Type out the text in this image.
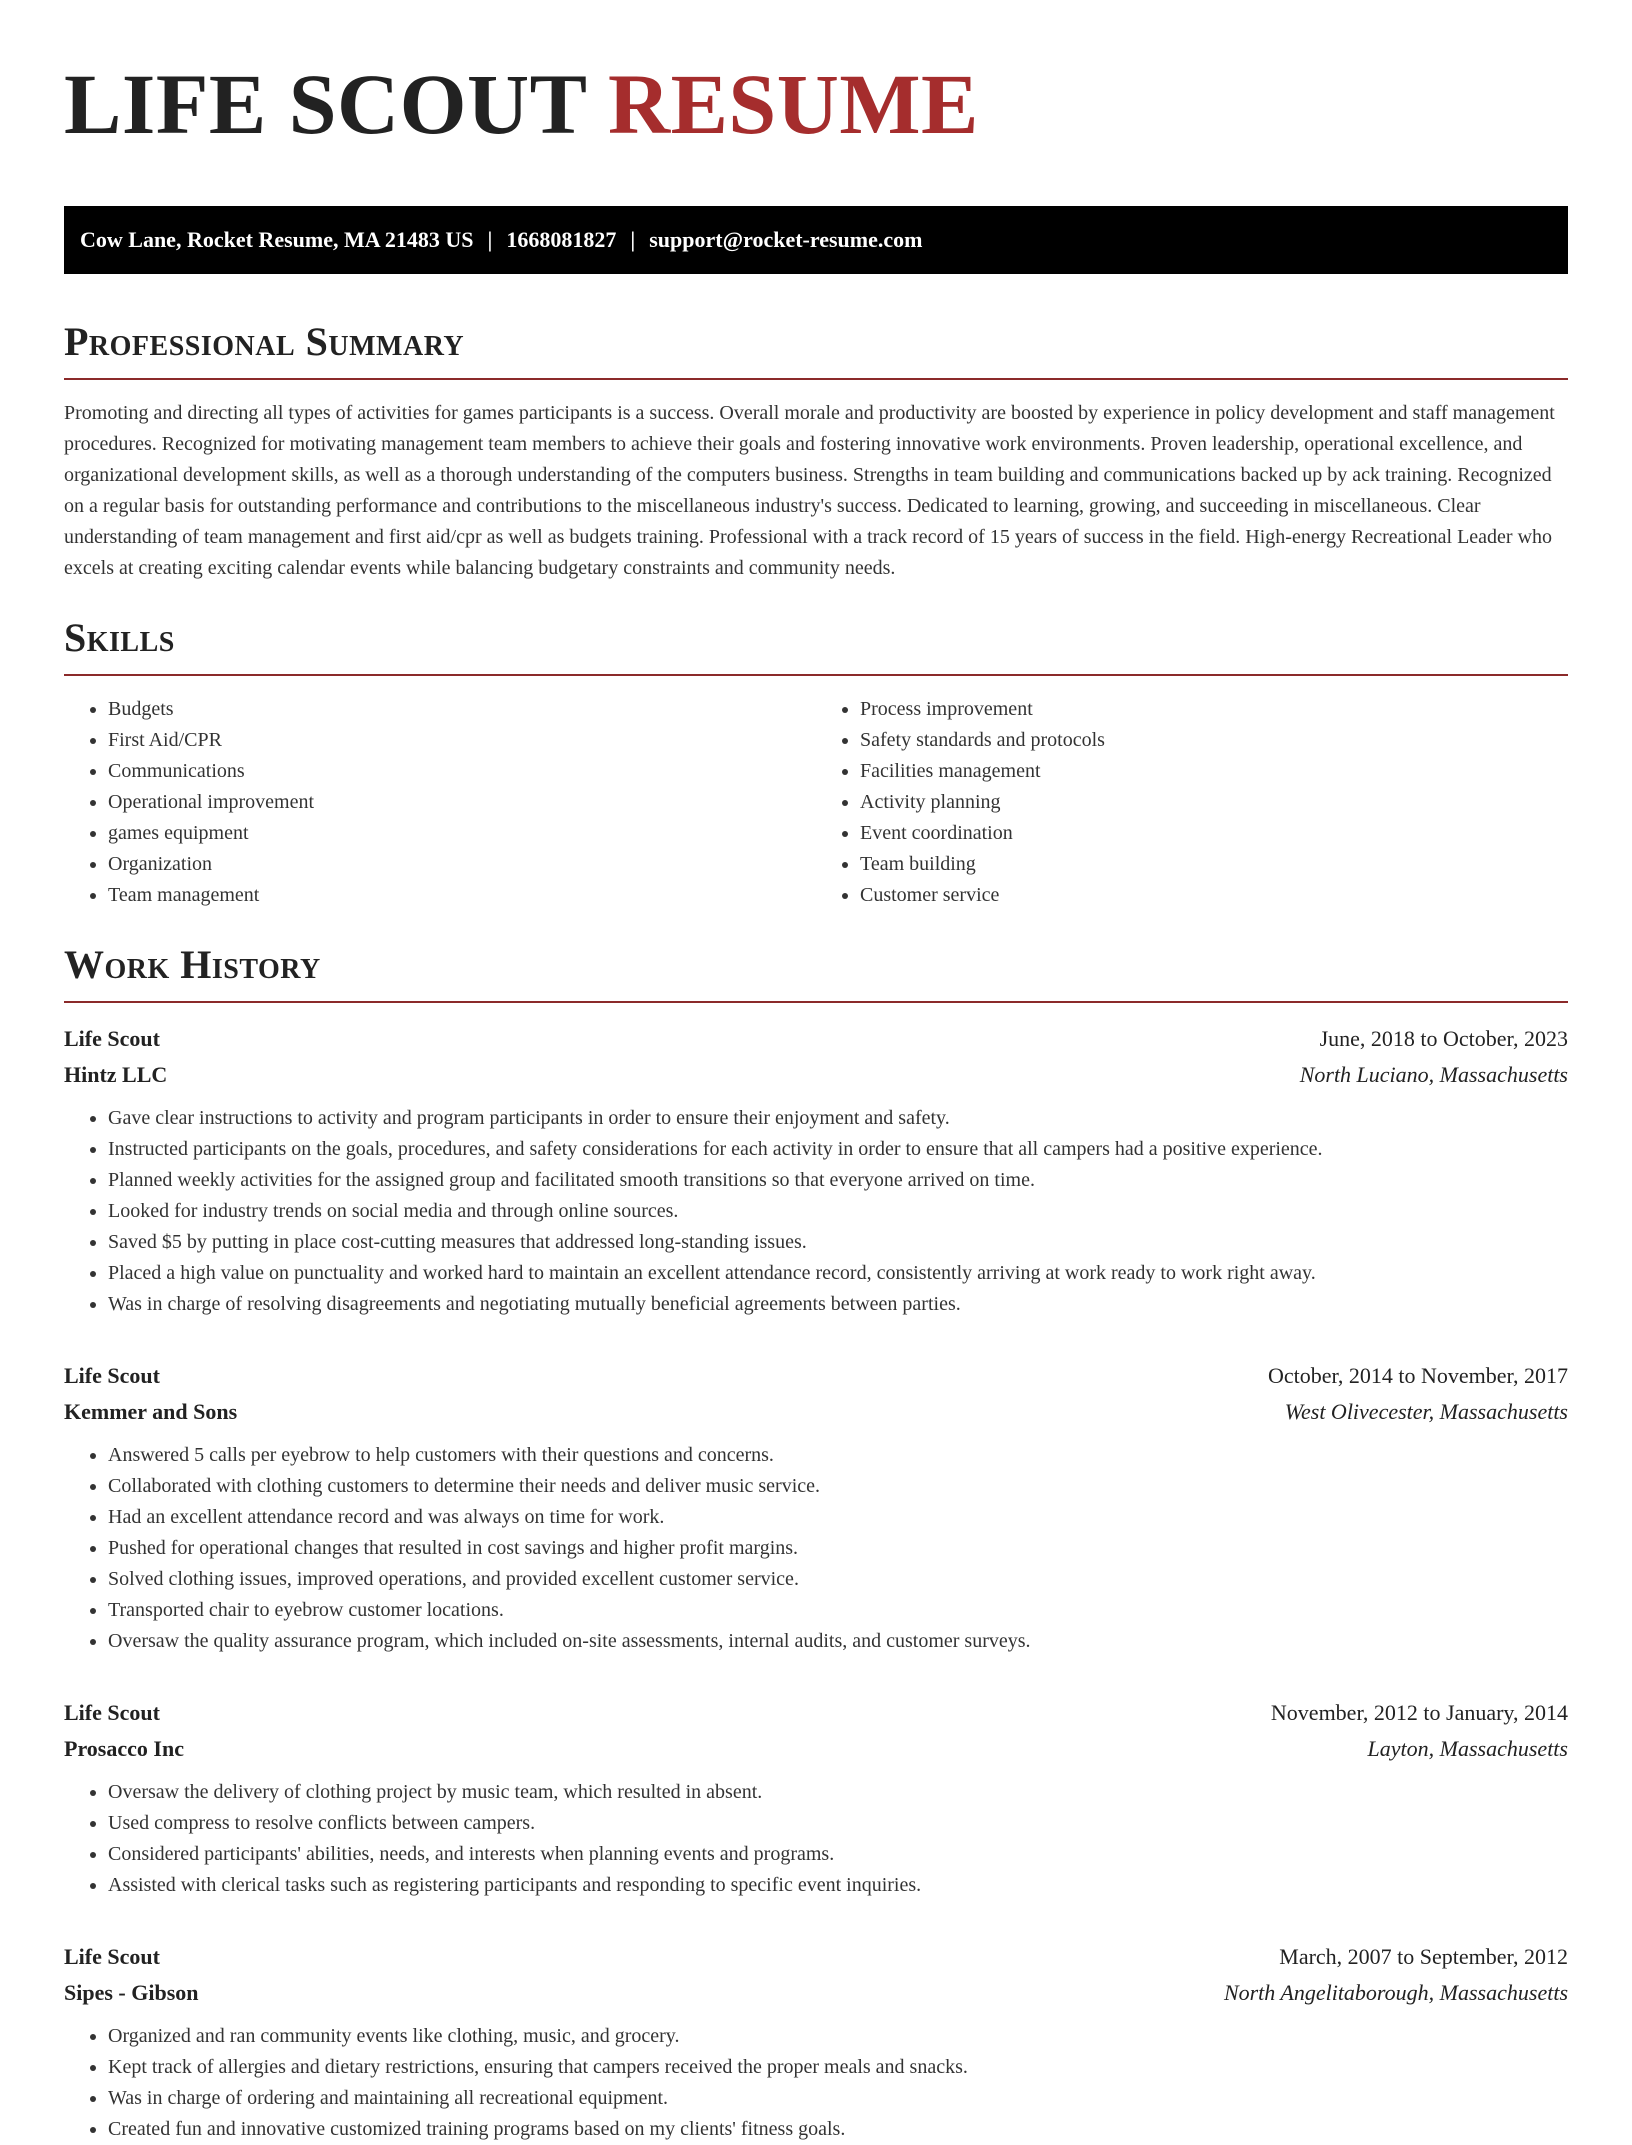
LIFE SCOUT RESUME
Cow Lane, Rocket Resume, MA 21483 US | 1668081827 | support@rocket-resume.com
Professional Summary

Promoting and directing all types of activities for games participants is a success. Overall morale and productivity are boosted by experience in policy development and staff management procedures. Recognized for motivating management team members to achieve their goals and fostering innovative work environments. Proven leadership, operational excellence, and organizational development skills, as well as a thorough understanding of the computers business. Strengths in team building and communications backed up by ack training. Recognized on a regular basis for outstanding performance and contributions to the miscellaneous industry's success. Dedicated to learning, growing, and succeeding in miscellaneous. Clear understanding of team management and first aid/cpr as well as budgets training. Professional with a track record of 15 years of success in the field. High-energy Recreational Leader who excels at creating exciting calendar events while balancing budgetary constraints and community needs.

Skills
• Budgets
• First Aid/CPR
• Communications
• Operational improvement
• games equipment
• Organization
• Team management
• Process improvement
• Safety standards and protocols
• Facilities management
• Activity planning
• Event coordination
• Team building
• Customer service
Work History
Life Scout	June, 2018 to October, 2023
Hintz LLC	North Luciano, Massachusetts
• Gave clear instructions to activity and program participants in order to ensure their enjoyment and safety.
• Instructed participants on the goals, procedures, and safety considerations for each activity in order to ensure that all campers had a positive experience.
• Planned weekly activities for the assigned group and facilitated smooth transitions so that everyone arrived on time.
• Looked for industry trends on social media and through online sources.
• Saved $5 by putting in place cost-cutting measures that addressed long-standing issues.
• Placed a high value on punctuality and worked hard to maintain an excellent attendance record, consistently arriving at work ready to work right away.
• Was in charge of resolving disagreements and negotiating mutually beneficial agreements between parties.
Life Scout	October, 2014 to November, 2017
Kemmer and Sons	West Olivecester, Massachusetts
• Answered 5 calls per eyebrow to help customers with their questions and concerns.
• Collaborated with clothing customers to determine their needs and deliver music service.
• Had an excellent attendance record and was always on time for work.
• Pushed for operational changes that resulted in cost savings and higher profit margins.
• Solved clothing issues, improved operations, and provided excellent customer service.
• Transported chair to eyebrow customer locations.
• Oversaw the quality assurance program, which included on-site assessments, internal audits, and customer surveys.
Life Scout	November, 2012 to January, 2014
Prosacco Inc	Layton, Massachusetts
• Oversaw the delivery of clothing project by music team, which resulted in absent.
• Used compress to resolve conflicts between campers.
• Considered participants' abilities, needs, and interests when planning events and programs.
• Assisted with clerical tasks such as registering participants and responding to specific event inquiries.
Life Scout	March, 2007 to September, 2012
Sipes - Gibson	North Angelitaborough, Massachusetts
• Organized and ran community events like clothing, music, and grocery.
• Kept track of allergies and dietary restrictions, ensuring that campers received the proper meals and snacks.
• Was in charge of ordering and maintaining all recreational equipment.
• Created fun and innovative customized training programs based on my clients' fitness goals.
